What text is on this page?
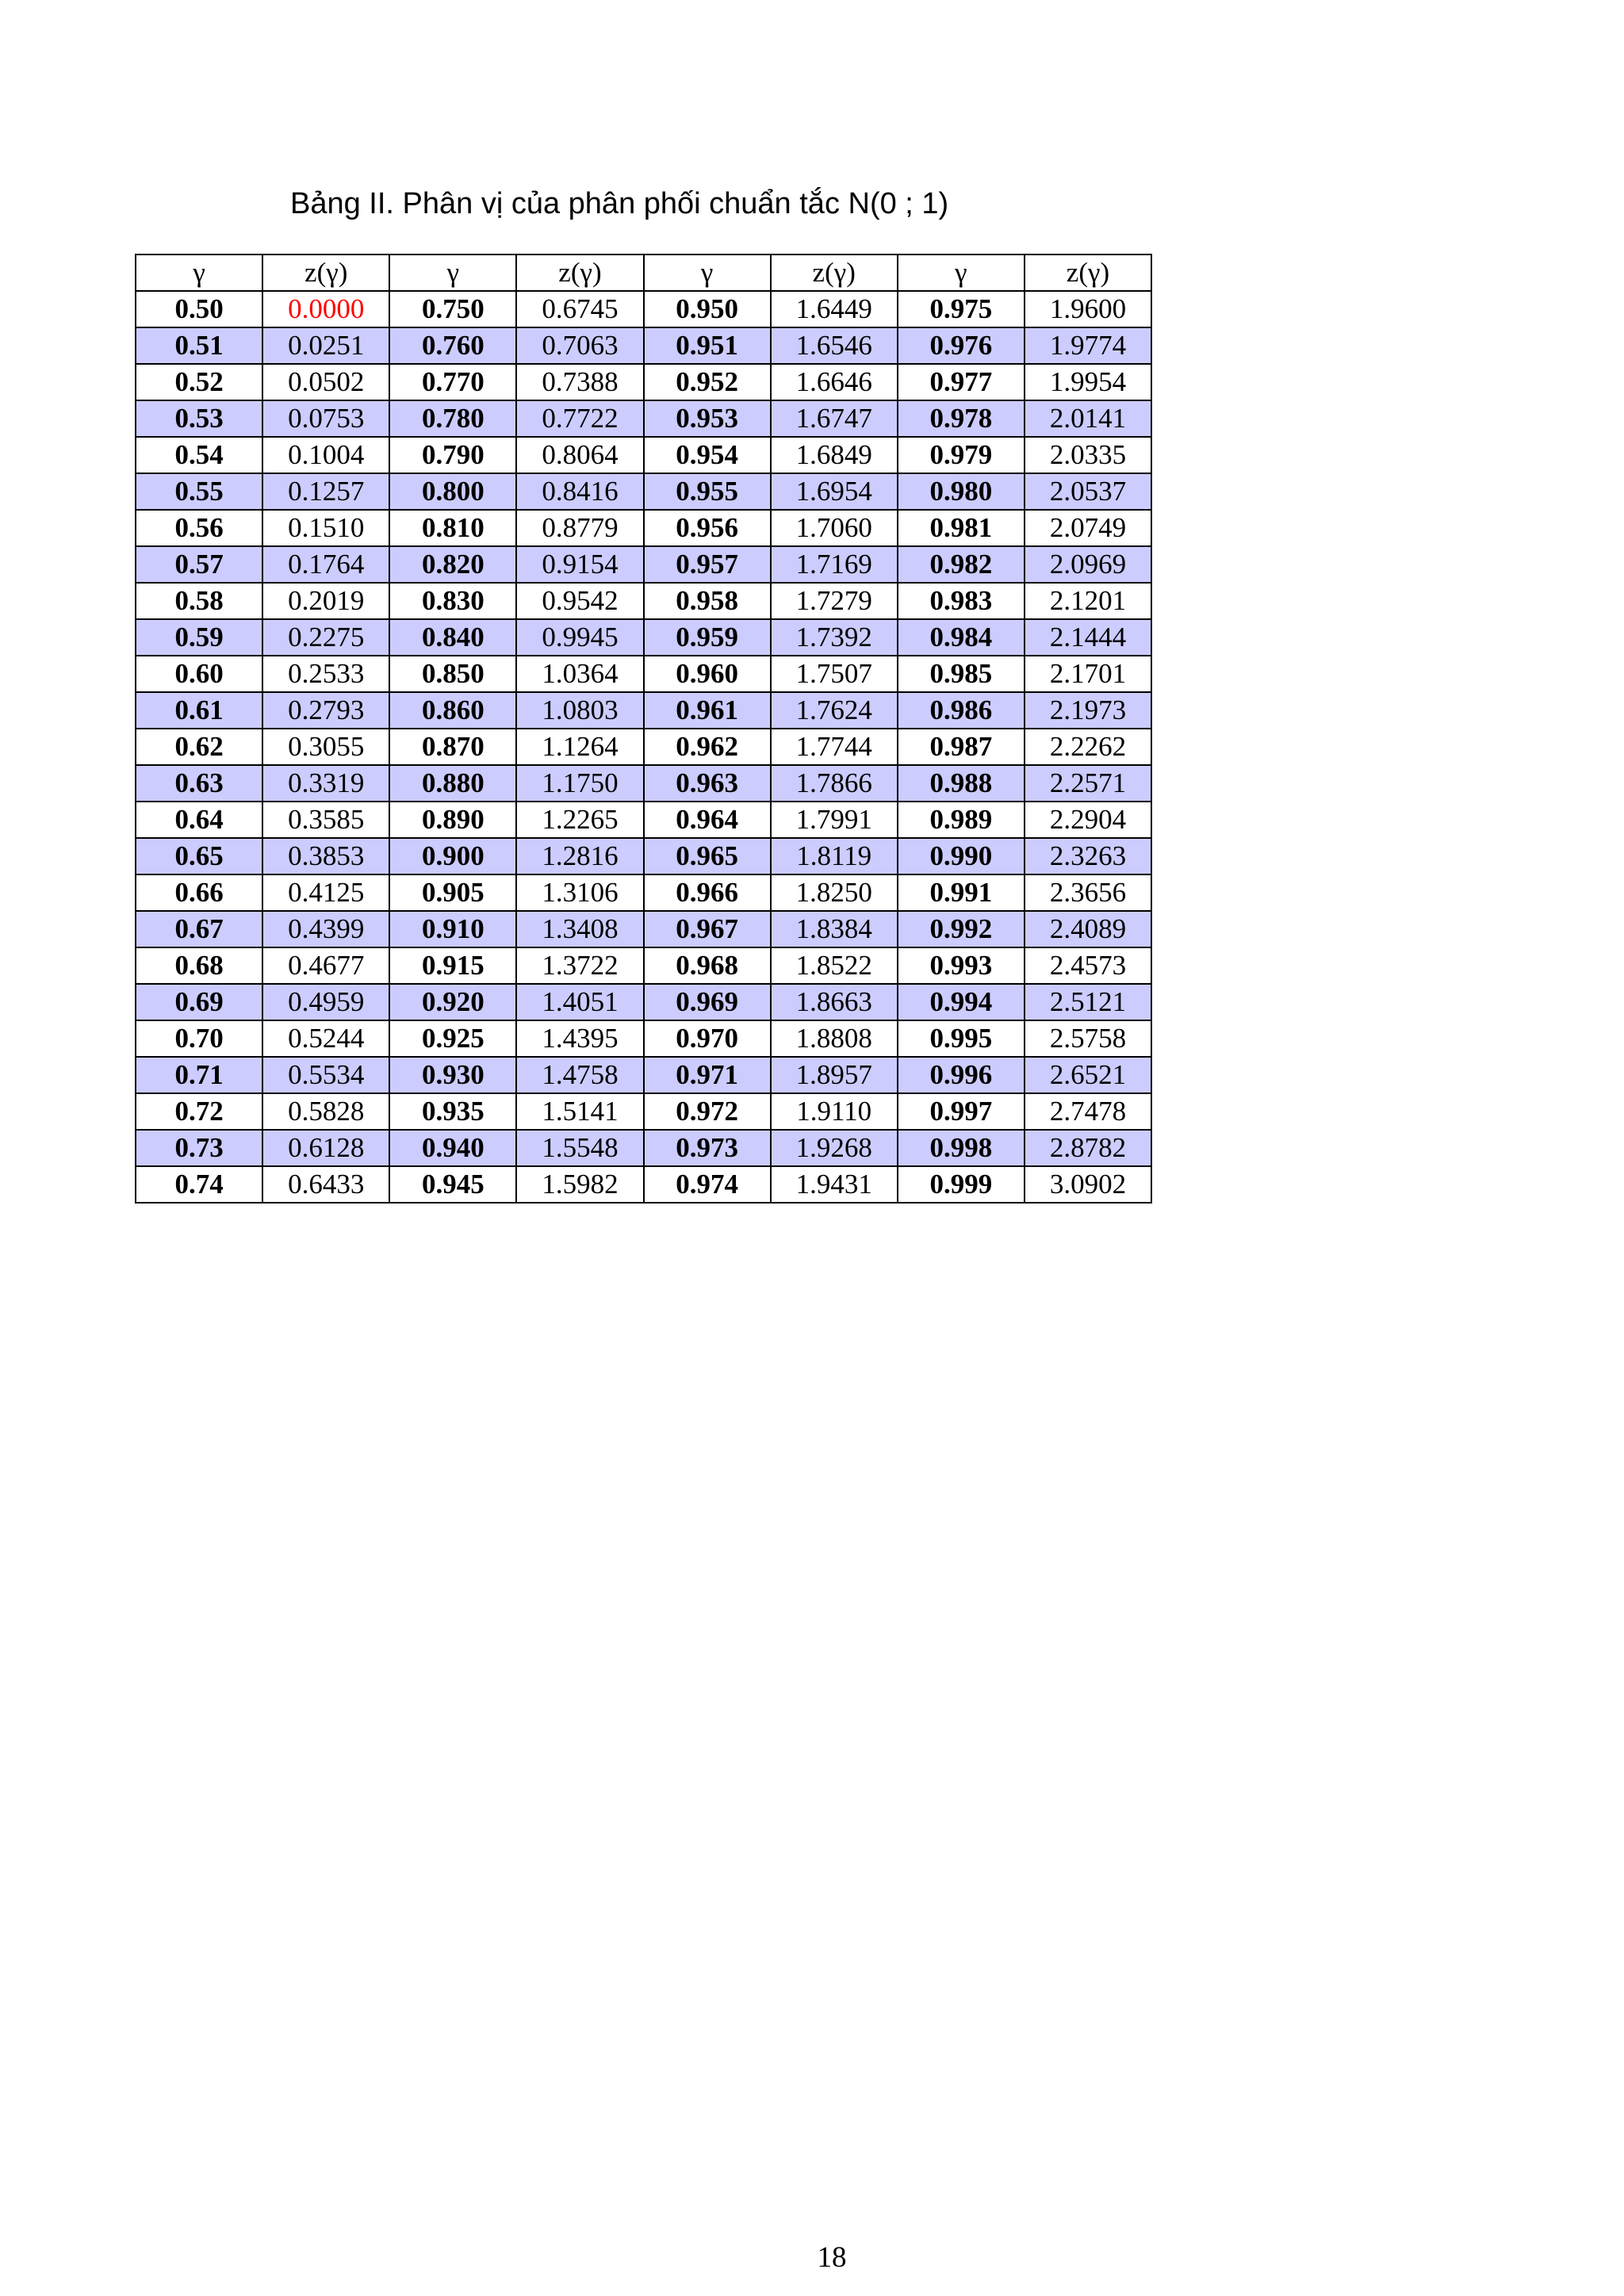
Bảng II. Phân vị của phân phối chuẩn tắc N(0 ; 1)
γ	z(γ)	γ	z(γ)	γ	z(γ)	γ	z(γ)
0.50	0.0000	0.750	0.6745	0.950	1.6449	0.975	1.9600
0.51	0.0251	0.760	0.7063	0.951	1.6546	0.976	1.9774
0.52	0.0502	0.770	0.7388	0.952	1.6646	0.977	1.9954
0.53	0.0753	0.780	0.7722	0.953	1.6747	0.978	2.0141
0.54	0.1004	0.790	0.8064	0.954	1.6849	0.979	2.0335
0.55	0.1257	0.800	0.8416	0.955	1.6954	0.980	2.0537
0.56	0.1510	0.810	0.8779	0.956	1.7060	0.981	2.0749
0.57	0.1764	0.820	0.9154	0.957	1.7169	0.982	2.0969
0.58	0.2019	0.830	0.9542	0.958	1.7279	0.983	2.1201
0.59	0.2275	0.840	0.9945	0.959	1.7392	0.984	2.1444
0.60	0.2533	0.850	1.0364	0.960	1.7507	0.985	2.1701
0.61	0.2793	0.860	1.0803	0.961	1.7624	0.986	2.1973
0.62	0.3055	0.870	1.1264	0.962	1.7744	0.987	2.2262
0.63	0.3319	0.880	1.1750	0.963	1.7866	0.988	2.2571
0.64	0.3585	0.890	1.2265	0.964	1.7991	0.989	2.2904
0.65	0.3853	0.900	1.2816	0.965	1.8119	0.990	2.3263
0.66	0.4125	0.905	1.3106	0.966	1.8250	0.991	2.3656
0.67	0.4399	0.910	1.3408	0.967	1.8384	0.992	2.4089
0.68	0.4677	0.915	1.3722	0.968	1.8522	0.993	2.4573
0.69	0.4959	0.920	1.4051	0.969	1.8663	0.994	2.5121
0.70	0.5244	0.925	1.4395	0.970	1.8808	0.995	2.5758
0.71	0.5534	0.930	1.4758	0.971	1.8957	0.996	2.6521
0.72	0.5828	0.935	1.5141	0.972	1.9110	0.997	2.7478
0.73	0.6128	0.940	1.5548	0.973	1.9268	0.998	2.8782
0.74	0.6433	0.945	1.5982	0.974	1.9431	0.999	3.0902
18
